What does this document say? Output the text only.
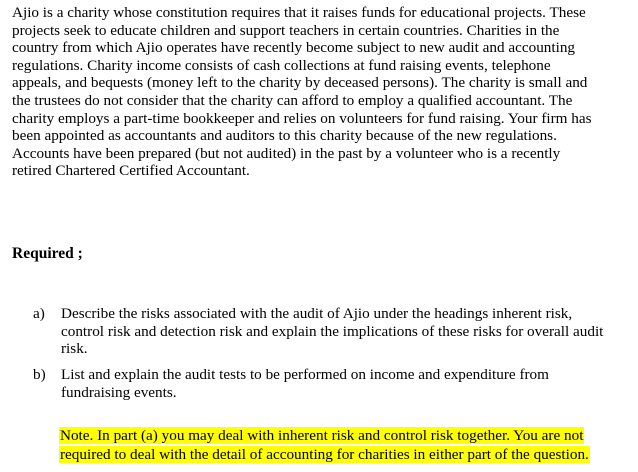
Ajio is a charity whose constitution requires that it raises funds for educational projects. These
projects seek to educate children and support teachers in certain countries. Charities in the
country from which Ajio operates have recently become subject to new audit and accounting
regulations. Charity income consists of cash collections at fund raising events, telephone
appeals, and bequests (money left to the charity by deceased persons). The charity is small and
the trustees do not consider that the charity can afford to employ a qualified accountant. The
charity employs a part-time bookkeeper and relies on volunteers for fund raising. Your firm has
been appointed as accountants and auditors to this charity because of the new regulations.
Accounts have been prepared (but not audited) in the past by a volunteer who is a recently
retired Chartered Certified Accountant.
Required ;
a) Describe the risks associated with the audit of Ajio under the headings inherent risk,
control risk and detection risk and explain the implications of these risks for overall audit
risk.
b) List and explain the audit tests to be performed on income and expenditure from
fundraising events.
Note. In part (a) you may deal with inherent risk and control risk together. You are not
required to deal with the detail of accounting for charities in either part of the question.
